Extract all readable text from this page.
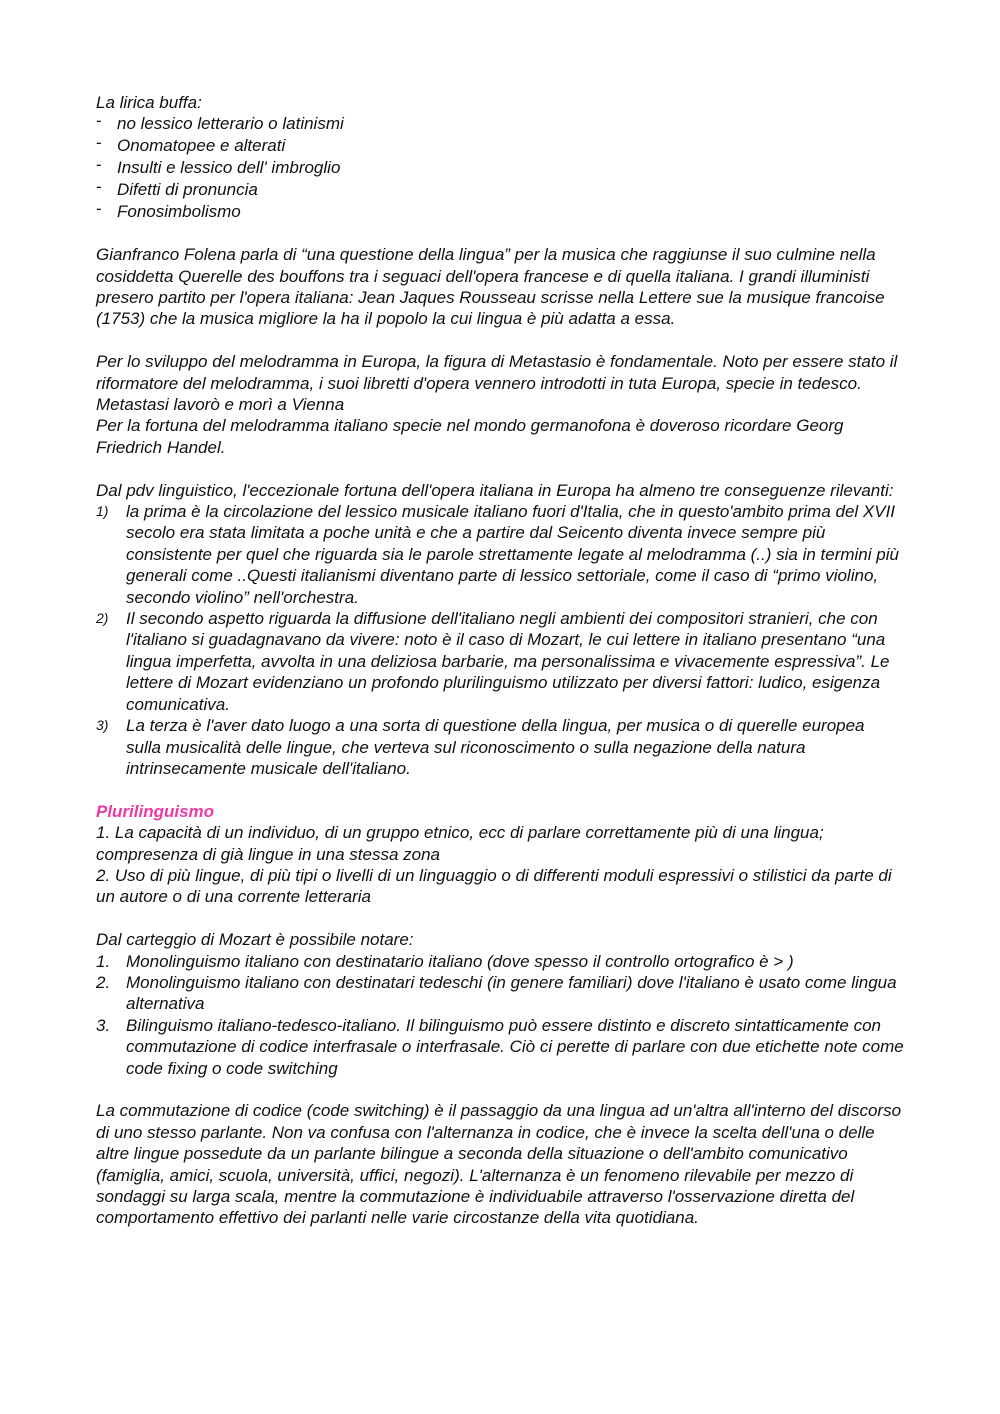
La lirica buffa:

- no lessico letterario o latinismi
- Onomatopee e alterati
- Insulti e lessico dell' imbroglio
- Difetti di pronuncia
- Fonosimbolismo

Gianfranco Folena parla di “una questione della lingua” per la musica che raggiunse il suo culmine nella cosiddetta Querelle des bouffons tra i seguaci dell'opera francese e di quella italiana. I grandi illuministi presero partito per l'opera italiana: Jean Jaques Rousseau scrisse nella Lettere sue la musique francoise (1753) che la musica migliore la ha il popolo la cui lingua è più adatta a essa.

Per lo sviluppo del melodramma in Europa, la figura di Metastasio è fondamentale. Noto per essere stato il riformatore del melodramma, i suoi libretti d'opera vennero introdotti in tuta Europa, specie in tedesco. Metastasi lavorò e morì a Vienna

Per la fortuna del melodramma italiano specie nel mondo germanofona è doveroso ricordare Georg Friedrich Handel.

Dal pdv linguistico, l'eccezionale fortuna dell'opera italiana in Europa ha almeno tre conseguenze rilevanti:

1) la prima è la circolazione del lessico musicale italiano fuori d'Italia, che in questo'ambito prima del XVII secolo era stata limitata a poche unità e che a partire dal Seicento diventa invece sempre più consistente per quel che riguarda sia le parole strettamente legate al melodramma (..) sia in termini più generali come ..Questi italianismi diventano parte di lessico settoriale, come il caso di “primo violino, secondo violino” nell'orchestra.
2) Il secondo aspetto riguarda la diffusione dell'italiano negli ambienti dei compositori stranieri, che con l'italiano si guadagnavano da vivere: noto è il caso di Mozart, le cui lettere in italiano presentano “una lingua imperfetta, avvolta in una deliziosa barbarie, ma personalissima e vivacemente espressiva”. Le lettere di Mozart evidenziano un profondo plurilinguismo utilizzato per diversi fattori: ludico, esigenza comunicativa.
3) La terza è l'aver dato luogo a una sorta di questione della lingua, per musica o di querelle europea sulla musicalità delle lingue, che verteva sul riconoscimento o sulla negazione della natura intrinsecamente musicale dell'italiano.

Plurilinguismo

1. La capacità di un individuo, di un gruppo etnico, ecc di parlare correttamente più di una lingua; compresenza di già lingue in una stessa zona

2. Uso di più lingue, di più tipi o livelli di un linguaggio o di differenti moduli espressivi o stilistici da parte di un autore o di una corrente letteraria

Dal carteggio di Mozart è possibile notare:

1. Monolinguismo italiano con destinatario italiano (dove spesso il controllo ortografico è > )
2. Monolinguismo italiano con destinatari tedeschi (in genere familiari) dove l'italiano è usato come lingua alternativa
3. Bilinguismo italiano-tedesco-italiano. Il bilinguismo può essere distinto e discreto sintatticamente con commutazione di codice interfrasale o interfrasale. Ciò ci perette di parlare con due etichette note come code fixing o code switching

La commutazione di codice (code switching) è il passaggio da una lingua ad un'altra all'interno del discorso di uno stesso parlante. Non va confusa con l'alternanza in codice, che è invece la scelta dell'una o delle altre lingue possedute da un parlante bilingue a seconda della situazione o dell'ambito comunicativo (famiglia, amici, scuola, università, uffici, negozi). L'alternanza è un fenomeno rilevabile per mezzo di sondaggi su larga scala, mentre la commutazione è individuabile attraverso l'osservazione diretta del comportamento effettivo dei parlanti nelle varie circostanze della vita quotidiana.
